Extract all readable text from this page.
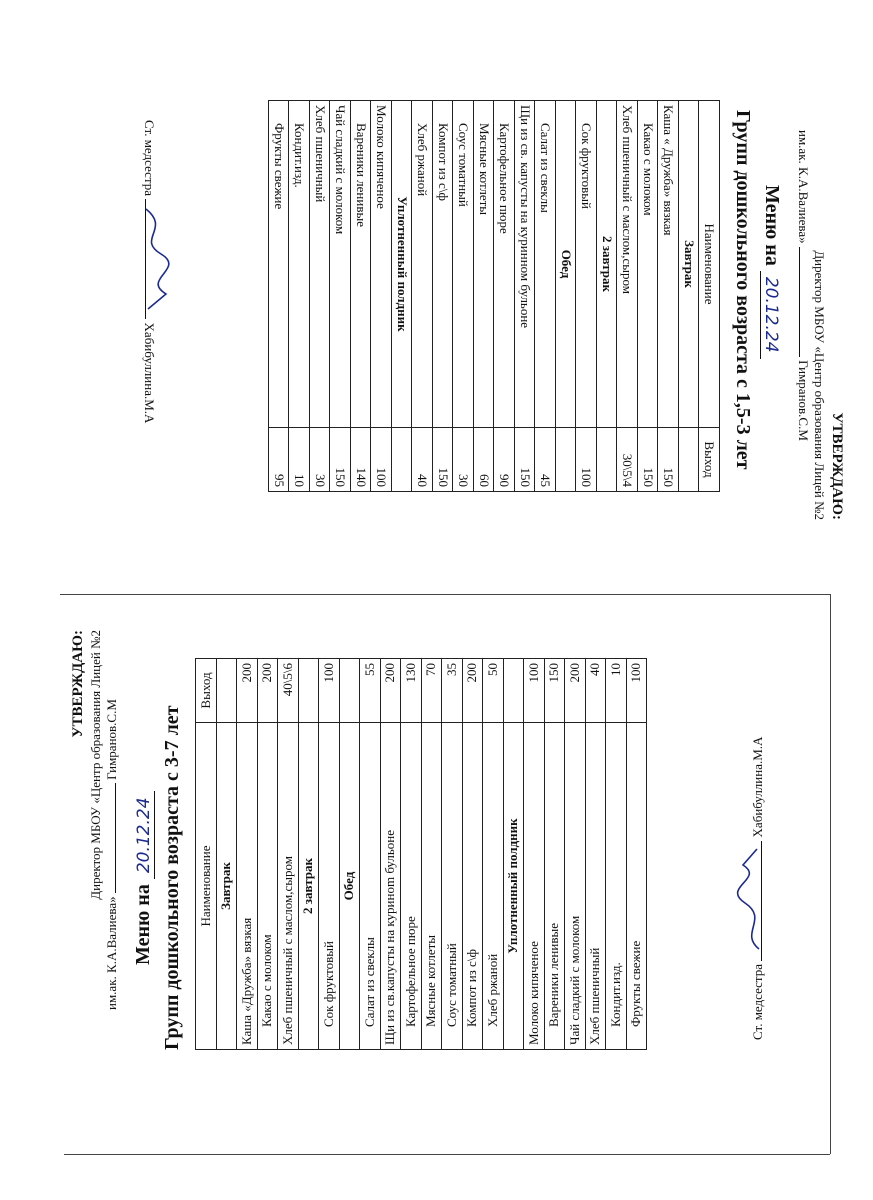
УТВЕРЖДАЮ:
Директор МБОУ «Центр образования Лицей №2
им.ак. К.А.Валиева»  Гимранов.С.М
Меню на 20.12.24
Групп дошкольного возраста с 1,5-3 лет
Наименование	Выход
Завтрак	
Каша « Дружба» вязкая	150
Какао с молоком	150
Хлеб пшеничный с маслом,сыром	30\5\4
2 завтрак	
Сок фруктовый	100
Обед	
Салат из свеклы	45
Щи из св. капусты на куринном бульоне	150
Картофельное пюре	90
Мясные котлеты	60
Соус томатный	30
Компот из с\ф	150
Хлеб ржаной	40
Уплотненный полдник	
Молоко кипяченое	100
Вареники ленивые	140
Чай сладкий с молоком	150
Хлеб пшеничный	30
Кондит.изд.	10
Фрукты свежие	95
Ст. медсестра
Хабибуллина.М.А
УТВЕРЖДАЮ: Директор МБОУ «Центр образования Лицей №2
им.ак. К.А.Валиева»  Гимранов.С.М
Меню на 20.12.24 Групп дошкольного возраста с 3-7 лет Наименование	Выход
Завтрак	
Каша «Дружба» вязкая	200
Какао с молоком	200
Хлеб пшеничный с маслом,сыром	40\5\6
2 завтрак	
Сок фруктовый	100
Обед	
Салат из свеклы	55
Щи из св.капусты на куриноm бульоне	200
Картофельное пюре	130
Мясные котлеты	70
Соус томатный	35
Компот из с\ф	200
Хлеб ржаной	50
Уплотненный полдник	
Молоко кипяченое	100
Вареники ленивые	150
Чай сладкий с молоком	200
Хлеб пшеничный	40
Кондит.изд.	10
Фрукты свежие	100
Ст. медсестра
Хабибуллина.М.А
